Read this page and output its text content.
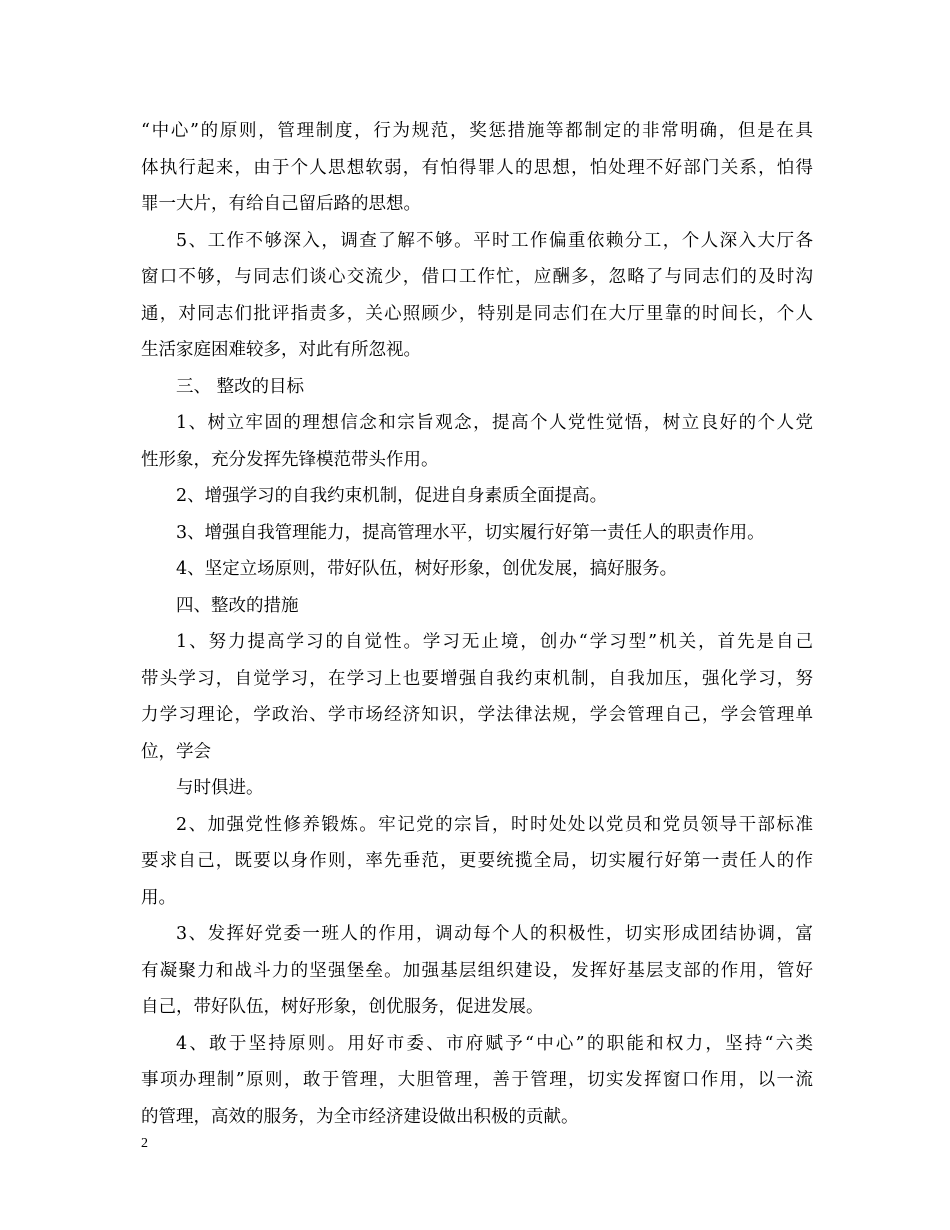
“中心”的原则，管理制度，行为规范，奖惩措施等都制定的非常明确，但是在具
体执行起来，由于个人思想软弱，有怕得罪人的思想，怕处理不好部门关系，怕得
罪一大片，有给自己留后路的思想。
5、工作不够深入，调查了解不够。平时工作偏重依赖分工，个人深入大厅各
窗口不够，与同志们谈心交流少，借口工作忙，应酬多，忽略了与同志们的及时沟
通，对同志们批评指责多，关心照顾少，特别是同志们在大厅里靠的时间长，个人
生活家庭困难较多，对此有所忽视。
三、 整改的目标
1、树立牢固的理想信念和宗旨观念，提高个人党性觉悟，树立良好的个人党
性形象，充分发挥先锋模范带头作用。
2、增强学习的自我约束机制，促进自身素质全面提高。
3、增强自我管理能力，提高管理水平，切实履行好第一责任人的职责作用。
4、坚定立场原则，带好队伍，树好形象，创优发展，搞好服务。
四、整改的措施
1、努力提高学习的自觉性。学习无止境，创办“学习型”机关，首先是自己
带头学习，自觉学习，在学习上也要增强自我约束机制，自我加压，强化学习，努
力学习理论，学政治、学市场经济知识，学法律法规，学会管理自己，学会管理单
位，学会
与时俱进。
2、加强党性修养锻炼。牢记党的宗旨，时时处处以党员和党员领导干部标准
要求自己，既要以身作则，率先垂范，更要统揽全局，切实履行好第一责任人的作
用。
3、发挥好党委一班人的作用，调动每个人的积极性，切实形成团结协调，富
有凝聚力和战斗力的坚强堡垒。加强基层组织建设，发挥好基层支部的作用，管好
自己，带好队伍，树好形象，创优服务，促进发展。
4、敢于坚持原则。用好市委、市府赋予“中心”的职能和权力，坚持“六类
事项办理制”原则，敢于管理，大胆管理，善于管理，切实发挥窗口作用，以一流
的管理，高效的服务，为全市经济建设做出积极的贡献。
2
